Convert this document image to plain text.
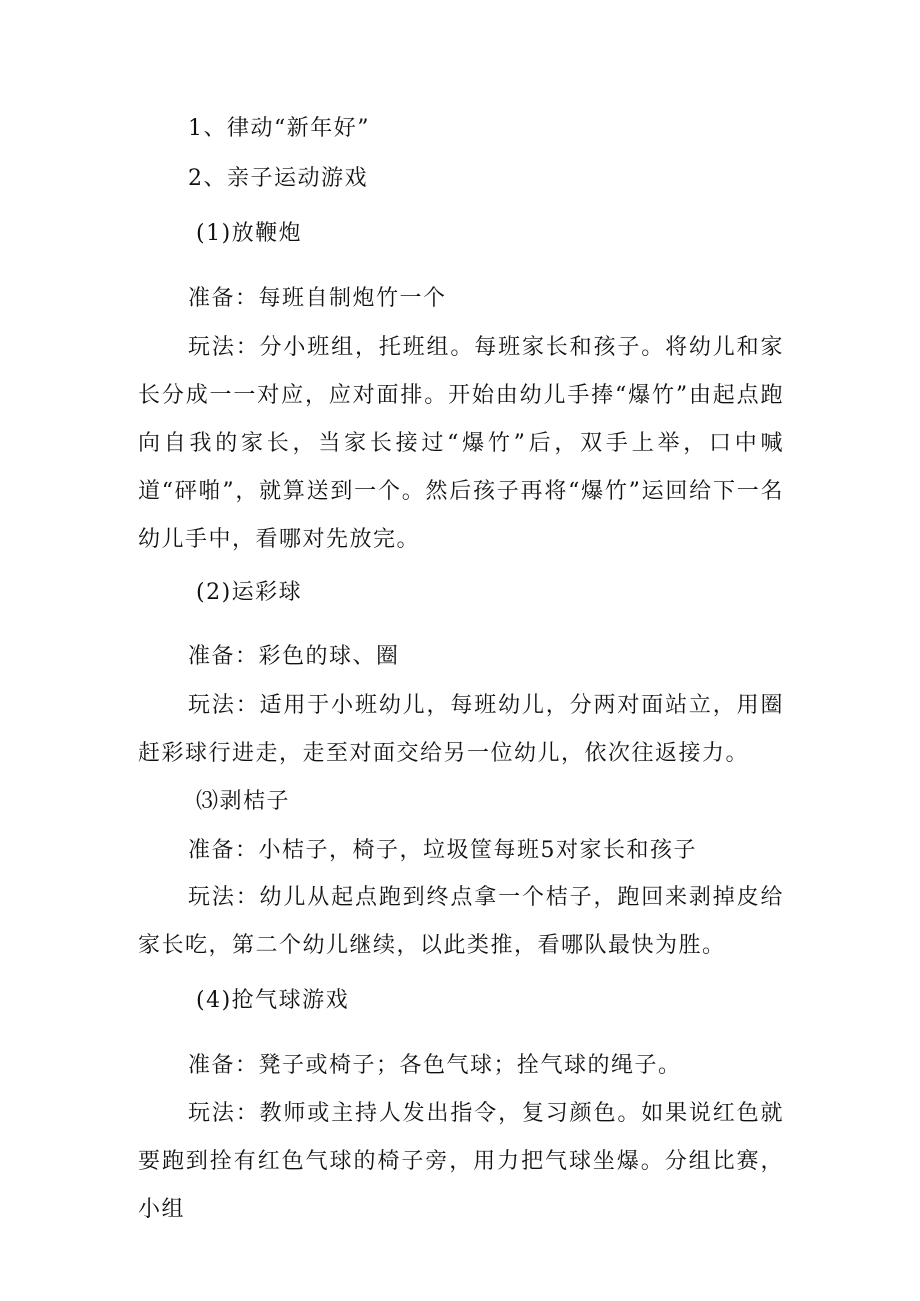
1、律动“新年好”
2、亲子运动游戏
(1)放鞭炮
准备：每班自制炮竹一个
玩法：分小班组，托班组。每班家长和孩子。将幼儿和家长分成一一对应，应对面排。开始由幼儿手捧“爆竹”由起点跑向自我的家长，当家长接过“爆竹”后，双手上举，口中喊道“砰啪”，就算送到一个。然后孩子再将“爆竹”运回给下一名幼儿手中，看哪对先放完。
(2)运彩球
准备：彩色的球、圈
玩法：适用于小班幼儿，每班幼儿，分两对面站立，用圈赶彩球行进走，走至对面交给另一位幼儿，依次往返接力。
⑶剥桔子
准备：小桔子，椅子，垃圾筐每班5对家长和孩子
玩法：幼儿从起点跑到终点拿一个桔子，跑回来剥掉皮给家长吃，第二个幼儿继续，以此类推，看哪队最快为胜。
(4)抢气球游戏
准备：凳子或椅子；各色气球；拴气球的绳子。
玩法：教师或主持人发出指令，复习颜色。如果说红色就要跑到拴有红色气球的椅子旁，用力把气球坐爆。分组比赛，小组
